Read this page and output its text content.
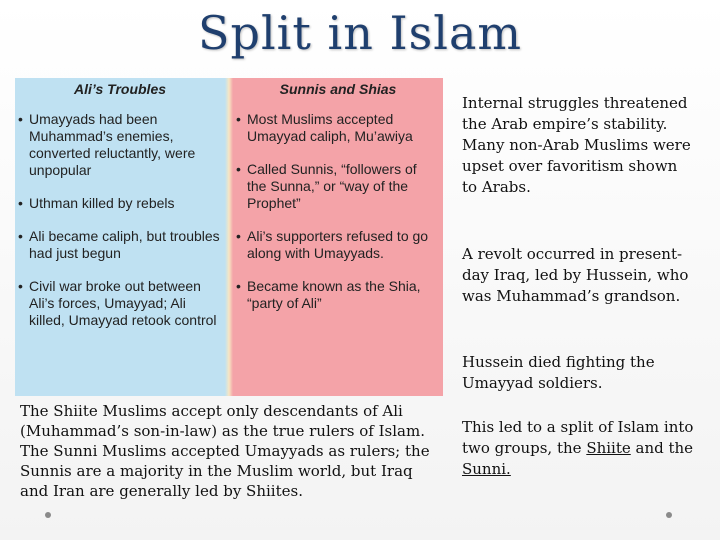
Split in Islam
Ali’s Troubles
• Umayyads had been Muhammad’s enemies, converted reluctantly, were unpopular
• Uthman killed by rebels
• Ali became caliph, but troubles had just begun
• Civil war broke out between Ali’s forces, Umayyad; Ali killed, Umayyad retook control
Sunnis and Shias
• Most Muslims accepted Umayyad caliph, Mu’awiya
• Called Sunnis, “followers of the Sunna,” or “way of the Prophet”
• Ali’s supporters refused to go along with Umayyads.
• Became known as the Shia, “party of Ali”
The Shiite Muslims accept only descendants of Ali (Muhammad’s son-in-law) as the true rulers of Islam. The Sunni Muslims accepted Umayyads as rulers; the Sunnis are a majority in the Muslim world, but Iraq and Iran are generally led by Shiites.
Internal struggles threatened the Arab empire’s stability. Many non-Arab Muslims were upset over favoritism shown to Arabs.
A revolt occurred in present-day Iraq, led by Hussein, who was Muhammad’s grandson.
Hussein died fighting the Umayyad soldiers.
This led to a split of Islam into two groups, the Shiite and the Sunni.
